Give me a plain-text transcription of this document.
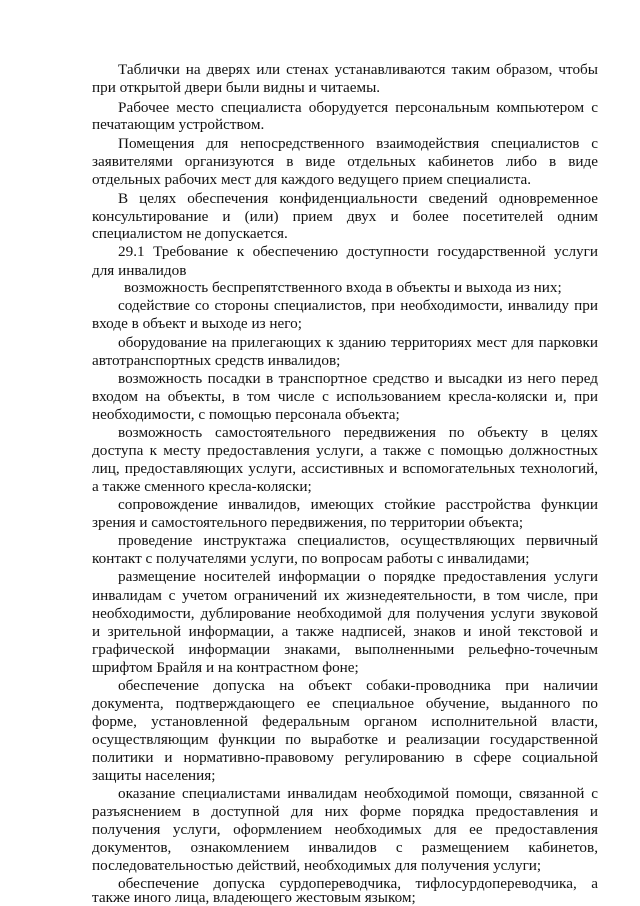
Таблички на дверях или стенах устанавливаются таким образом, чтобы

при открытой двери были видны и читаемы.

Рабочее место специалиста оборудуется персональным компьютером с

печатающим устройством.

Помещения для непосредственного взаимодействия специалистов с

заявителями организуются в виде отдельных кабинетов либо в виде

отдельных рабочих мест для каждого ведущего прием специалиста.

В целях обеспечения конфиденциальности сведений одновременное

консультирование и (или) прием двух и более посетителей одним

специалистом не допускается.

29.1 Требование к обеспечению доступности государственной услуги

для инвалидов

возможность беспрепятственного входа в объекты и выхода из них;

содействие со стороны специалистов, при необходимости, инвалиду при

входе в объект и выходе из него;

оборудование на прилегающих к зданию территориях мест для парковки

автотранспортных средств инвалидов;

возможность посадки в транспортное средство и высадки из него перед

входом на объекты, в том числе с использованием кресла-коляски и, при

необходимости, с помощью персонала объекта;

возможность самостоятельного передвижения по объекту в целях

доступа к месту предоставления услуги, а также с помощью должностных

лиц, предоставляющих услуги, ассистивных и вспомогательных технологий,

а также сменного кресла-коляски;

сопровождение инвалидов, имеющих стойкие расстройства функции

зрения и самостоятельного передвижения, по территории объекта;

проведение инструктажа специалистов, осуществляющих первичный

контакт с получателями услуги, по вопросам работы с инвалидами;

размещение носителей информации о порядке предоставления услуги

инвалидам с учетом ограничений их жизнедеятельности, в том числе, при

необходимости, дублирование необходимой для получения услуги звуковой

и зрительной информации, а также надписей, знаков и иной текстовой и

графической информации знаками, выполненными рельефно-точечным

шрифтом Брайля и на контрастном фоне;

обеспечение допуска на объект собаки-проводника при наличии

документа, подтверждающего ее специальное обучение, выданного по

форме, установленной федеральным органом исполнительной власти,

осуществляющим функции по выработке и реализации государственной

политики и нормативно-правовому регулированию в сфере социальной

защиты населения;

оказание специалистами инвалидам необходимой помощи, связанной с

разъяснением в доступной для них форме порядка предоставления и

получения услуги, оформлением необходимых для ее предоставления

документов, ознакомлением инвалидов с размещением кабинетов,

последовательностью действий, необходимых для получения услуги;

обеспечение допуска сурдопереводчика, тифлосурдопереводчика, а

также иного лица, владеющего жестовым языком;
